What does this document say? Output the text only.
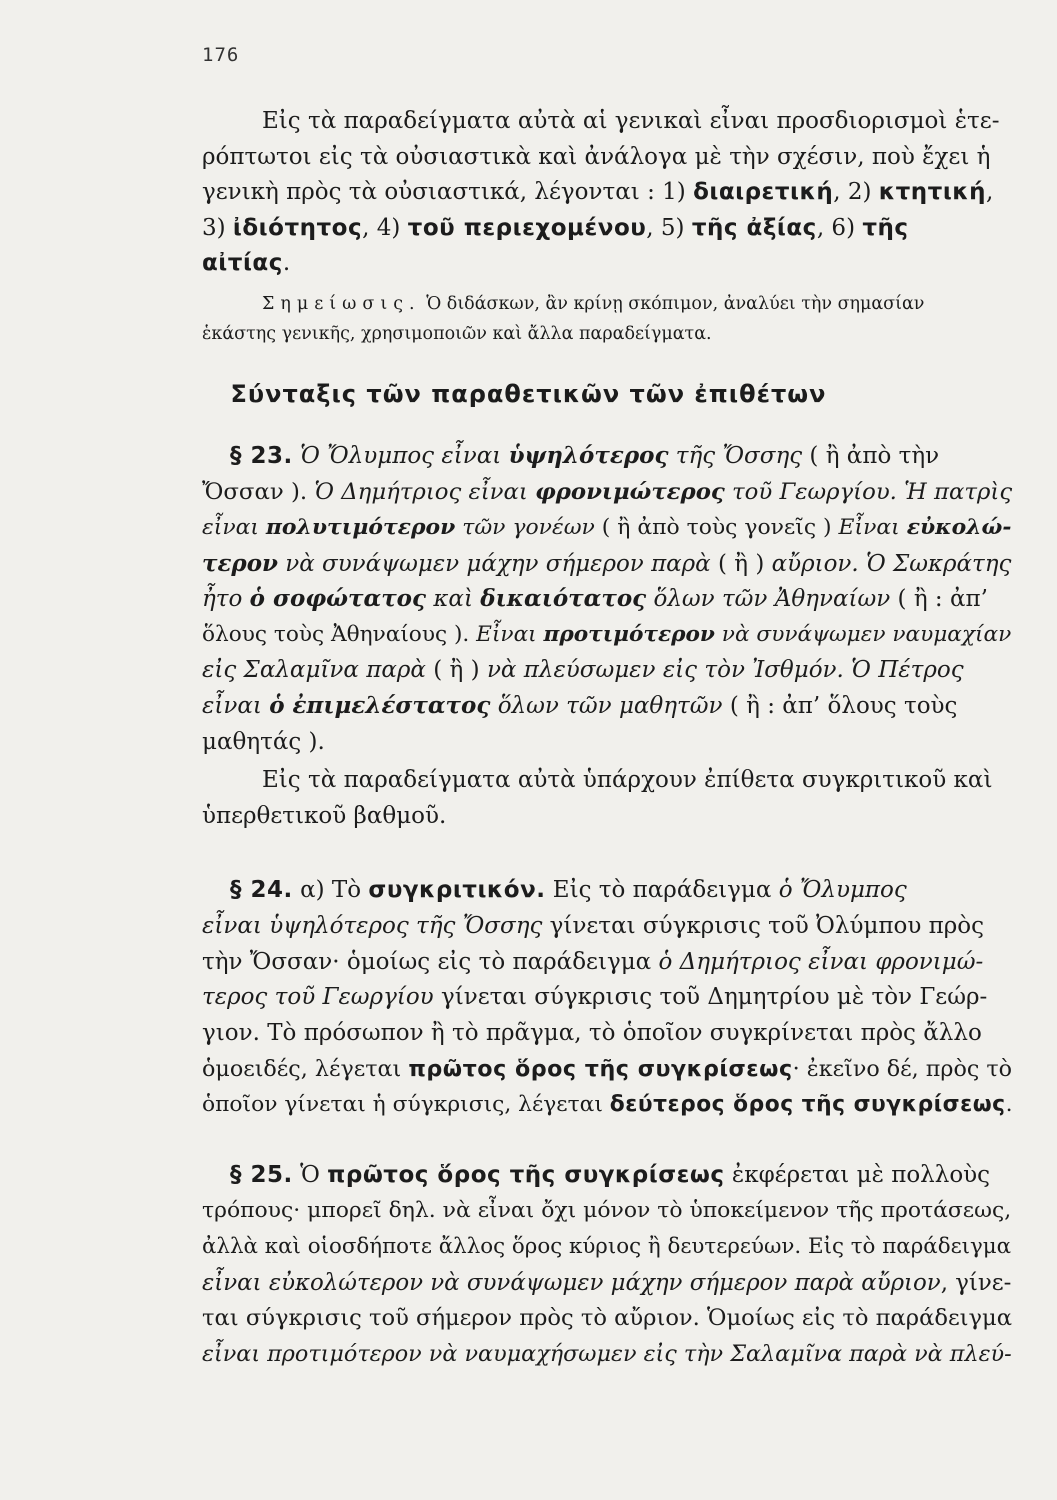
176
Εἰς τὰ παραδείγματα αὐτὰ αἱ γενικαὶ εἶναι προσδιορισμοὶ ἑτε-
ρόπτωτοι εἰς τὰ οὐσιαστικὰ καὶ ἀνάλογα μὲ τὴν σχέσιν, ποὺ ἔχει ἡ
γενικὴ πρὸς τὰ οὐσιαστικά, λέγονται : 1) διαιρετική, 2) κτητική,
3) ἰδιότητος, 4) τοῦ περιεχομένου, 5) τῆς ἀξίας, 6) τῆς
αἰτίας.
Σημείωσις. Ὁ διδάσκων, ἂν κρίνῃ σκόπιμον, ἀναλύει τὴν σημασίαν
ἑκάστης γενικῆς, χρησιμοποιῶν καὶ ἄλλα παραδείγματα.
Σύνταξις τῶν παραθετικῶν τῶν ἐπιθέτων
§ 23. Ὁ Ὄλυμπος εἶναι ὑψηλότερος τῆς Ὄσσης ( ἢ ἀπὸ τὴν
Ὄσσαν ). Ὁ Δημήτριος εἶναι φρονιμώτερος τοῦ Γεωργίου. Ἡ πατρὶς
εἶναι πολυτιμότερον τῶν γονέων ( ἢ ἀπὸ τοὺς γονεῖς ) Εἶναι εὐκολώ-
τερον νὰ συνάψωμεν μάχην σήμερον παρὰ ( ἢ ) αὔριον. Ὁ Σωκράτης
ἦτο ὁ σοφώτατος καὶ δικαιότατος ὅλων τῶν Ἀθηναίων ( ἢ : ἀπ’
ὅλους τοὺς Ἀθηναίους ). Εἶναι προτιμότερον νὰ συνάψωμεν ναυμαχίαν
εἰς Σαλαμῖνα παρὰ ( ἢ ) νὰ πλεύσωμεν εἰς τὸν Ἰσθμόν. Ὁ Πέτρος
εἶναι ὁ ἐπιμελέστατος ὅλων τῶν μαθητῶν ( ἢ : ἀπ’ ὅλους τοὺς
μαθητάς ).
Εἰς τὰ παραδείγματα αὐτὰ ὑπάρχουν ἐπίθετα συγκριτικοῦ καὶ
ὑπερθετικοῦ βαθμοῦ.
§ 24. α) Τὸ συγκριτικόν. Εἰς τὸ παράδειγμα ὁ Ὄλυμπος
εἶναι ὑψηλότερος τῆς Ὄσσης γίνεται σύγκρισις τοῦ Ὀλύμπου πρὸς
τὴν Ὄσσαν· ὁμοίως εἰς τὸ παράδειγμα ὁ Δημήτριος εἶναι φρονιμώ-
τερος τοῦ Γεωργίου γίνεται σύγκρισις τοῦ Δημητρίου μὲ τὸν Γεώρ-
γιον. Τὸ πρόσωπον ἢ τὸ πρᾶγμα, τὸ ὁποῖον συγκρίνεται πρὸς ἄλλο
ὁμοειδές, λέγεται πρῶτος ὅρος τῆς συγκρίσεως· ἐκεῖνο δέ, πρὸς τὸ
ὁποῖον γίνεται ἡ σύγκρισις, λέγεται δεύτερος ὅρος τῆς συγκρίσεως.
§ 25. Ὁ πρῶτος ὅρος τῆς συγκρίσεως ἐκφέρεται μὲ πολλοὺς
τρόπους· μπορεῖ δηλ. νὰ εἶναι ὄχι μόνον τὸ ὑποκείμενον τῆς προτάσεως,
ἀλλὰ καὶ οἱοσδήποτε ἄλλος ὅρος κύριος ἢ δευτερεύων. Εἰς τὸ παράδειγμα
εἶναι εὐκολώτερον νὰ συνάψωμεν μάχην σήμερον παρὰ αὔριον, γίνε-
ται σύγκρισις τοῦ σήμερον πρὸς τὸ αὔριον. Ὁμοίως εἰς τὸ παράδειγμα
εἶναι προτιμότερον νὰ ναυμαχήσωμεν εἰς τὴν Σαλαμῖνα παρὰ νὰ πλεύ-
